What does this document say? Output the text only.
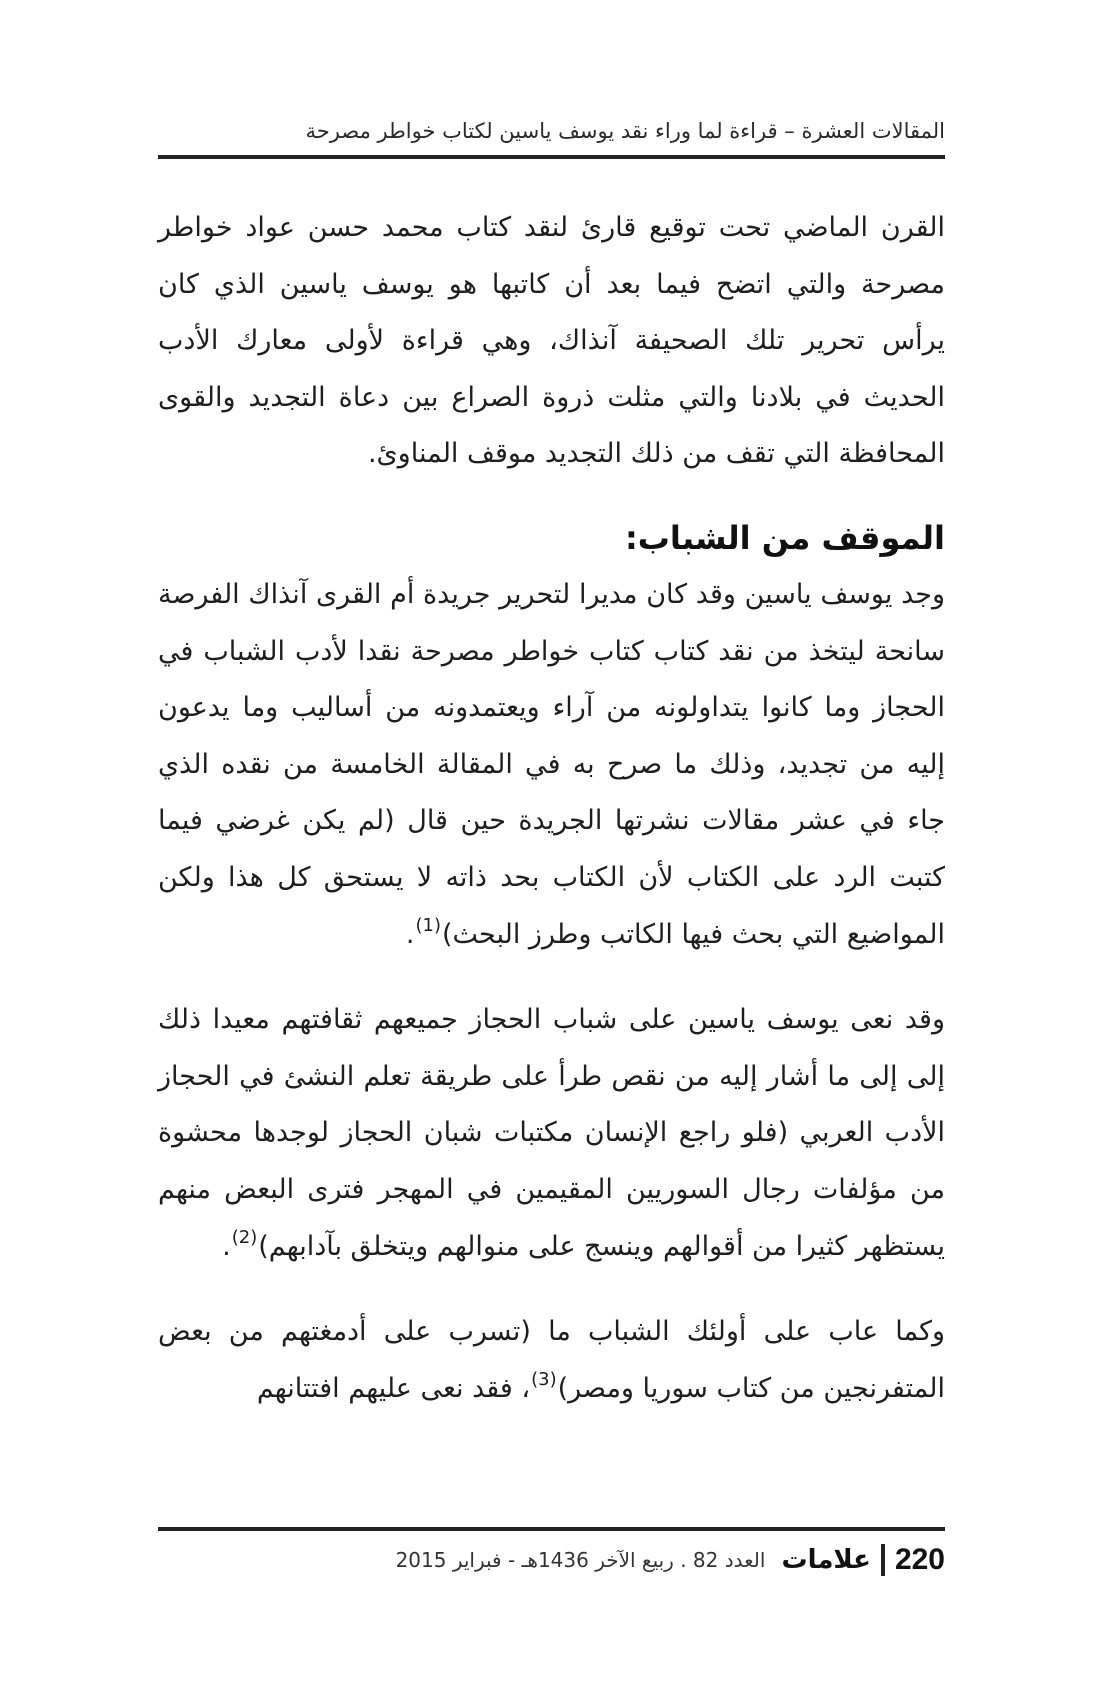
المقالات العشرة – قراءة لما وراء نقد يوسف ياسين لكتاب خواطر مصرحة

القرن الماضي تحت توقيع قارئ لنقد كتاب محمد حسن عواد خواطر مصرحة والتي اتضح فيما بعد أن كاتبها هو يوسف ياسين الذي كان يرأس تحرير تلك الصحيفة آنذاك، وهي قراءة لأولى معارك الأدب الحديث في بلادنا والتي مثلت ذروة الصراع بين دعاة التجديد والقوى المحافظة التي تقف من ذلك التجديد موقف المناوئ.

الموقف من الشباب:

وجد يوسف ياسين وقد كان مديرا لتحرير جريدة أم القرى آنذاك الفرصة سانحة ليتخذ من نقد كتاب كتاب خواطر مصرحة نقدا لأدب الشباب في الحجاز وما كانوا يتداولونه من آراء ويعتمدونه من أساليب وما يدعون إليه من تجديد، وذلك ما صرح به في المقالة الخامسة من نقده الذي جاء في عشر مقالات نشرتها الجريدة حين قال (لم يكن غرضي فيما كتبت الرد على الكتاب لأن الكتاب بحد ذاته لا يستحق كل هذا ولكن المواضيع التي بحث فيها الكاتب وطرز البحث)$^{(1)}$.

وقد نعى يوسف ياسين على شباب الحجاز جميعهم ثقافتهم معيدا ذلك إلى إلى ما أشار إليه من نقص طرأ على طريقة تعلم النشئ في الحجاز الأدب العربي (فلو راجع الإنسان مكتبات شبان الحجاز لوجدها محشوة من مؤلفات رجال السوريين المقيمين في المهجر فترى البعض منهم يستظهر كثيرا من أقوالهم وينسج على منوالهم ويتخلق بآدابهم)$^{(2)}$.

وكما عاب على أولئك الشباب ما (تسرب على أدمغتهم من بعض المتفرنجين من كتاب سوريا ومصر)$^{(3)}$، فقد نعى عليهم افتتانهم

220
علامات
العدد 82 . ربيع الآخر 1436هـ - فبراير 2015
